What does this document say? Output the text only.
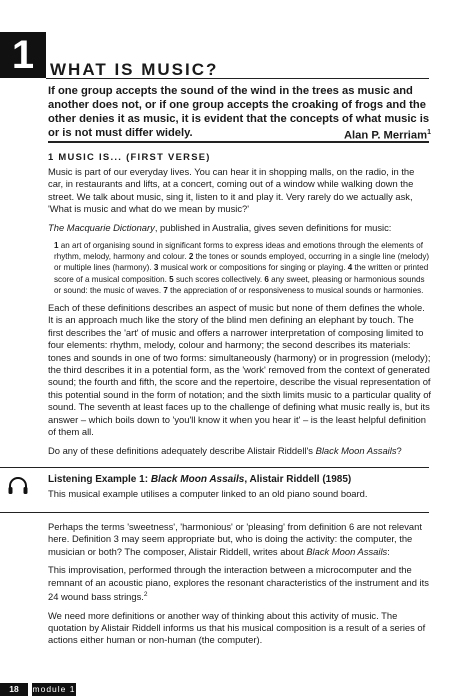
1 WHAT IS MUSIC?

If one group accepts the sound of the wind in the trees as music and another does not, or if one group accepts the croaking of frogs and the other denies it as music, it is evident that the concepts of what music is or is not must differ widely.	Alan P. Merriam$^1$

1 MUSIC IS... (FIRST VERSE)

Music is part of our everyday lives. You can hear it in shopping malls, on the radio, in the car, in restaurants and lifts, at a concert, coming out of a window while walking down the street. We talk about music, sing it, listen to it and play it. Very rarely do we actually ask, 'What is music and what do we mean by music?'

The Macquarie Dictionary, published in Australia, gives seven definitions for music:

1 an art of organising sound in significant forms to express ideas and emotions through the elements of rhythm, melody, harmony and colour. 2 the tones or sounds employed, occurring in a single line (melody) or multiple lines (harmony). 3 musical work or compositions for singing or playing. 4 the written or printed score of a musical composition. 5 such scores collectively. 6 any sweet, pleasing or harmonious sounds or sound: the music of waves. 7 the appreciation of or responsiveness to musical sounds or harmonies.

Each of these definitions describes an aspect of music but none of them defines the whole. It is an approach much like the story of the blind men defining an elephant by touch. The first describes the 'art' of music and offers a narrower interpretation of composing limited to four elements: rhythm, melody, colour and harmony; the second describes its materials: tones and sounds in one of two forms: simultaneously (harmony) or in progression (melody); the third describes it in a potential form, as the 'work' removed from the context of generated sound; the fourth and fifth, the score and the repertoire, describe the visual representation of this potential sound in the form of notation; and the sixth limits music to a particular quality of sound. The seventh at least faces up to the challenge of defining what music really is, but its answer – which boils down to 'you'll know it when you hear it' – is the least helpful definition of them all.

Do any of these definitions adequately describe Alistair Riddell's Black Moon Assails?

Listening Example 1: Black Moon Assails, Alistair Riddell (1985)
This musical example utilises a computer linked to an old piano sound board.

Perhaps the terms 'sweetness', 'harmonious' or 'pleasing' from definition 6 are not relevant here. Definition 3 may seem appropriate but, who is doing the activity: the computer, the musician or both? The composer, Alistair Riddell, writes about Black Moon Assails:

This improvisation, performed through the interaction between a microcomputer and the remnant of an acoustic piano, explores the resonant characteristics of the instrument and its 24 wound bass strings.$^2$

We need more definitions or another way of thinking about this activity of music. The quotation by Alistair Riddell informs us that his musical composition is a result of a series of actions either human or non-human (the computer).

18	module 1
